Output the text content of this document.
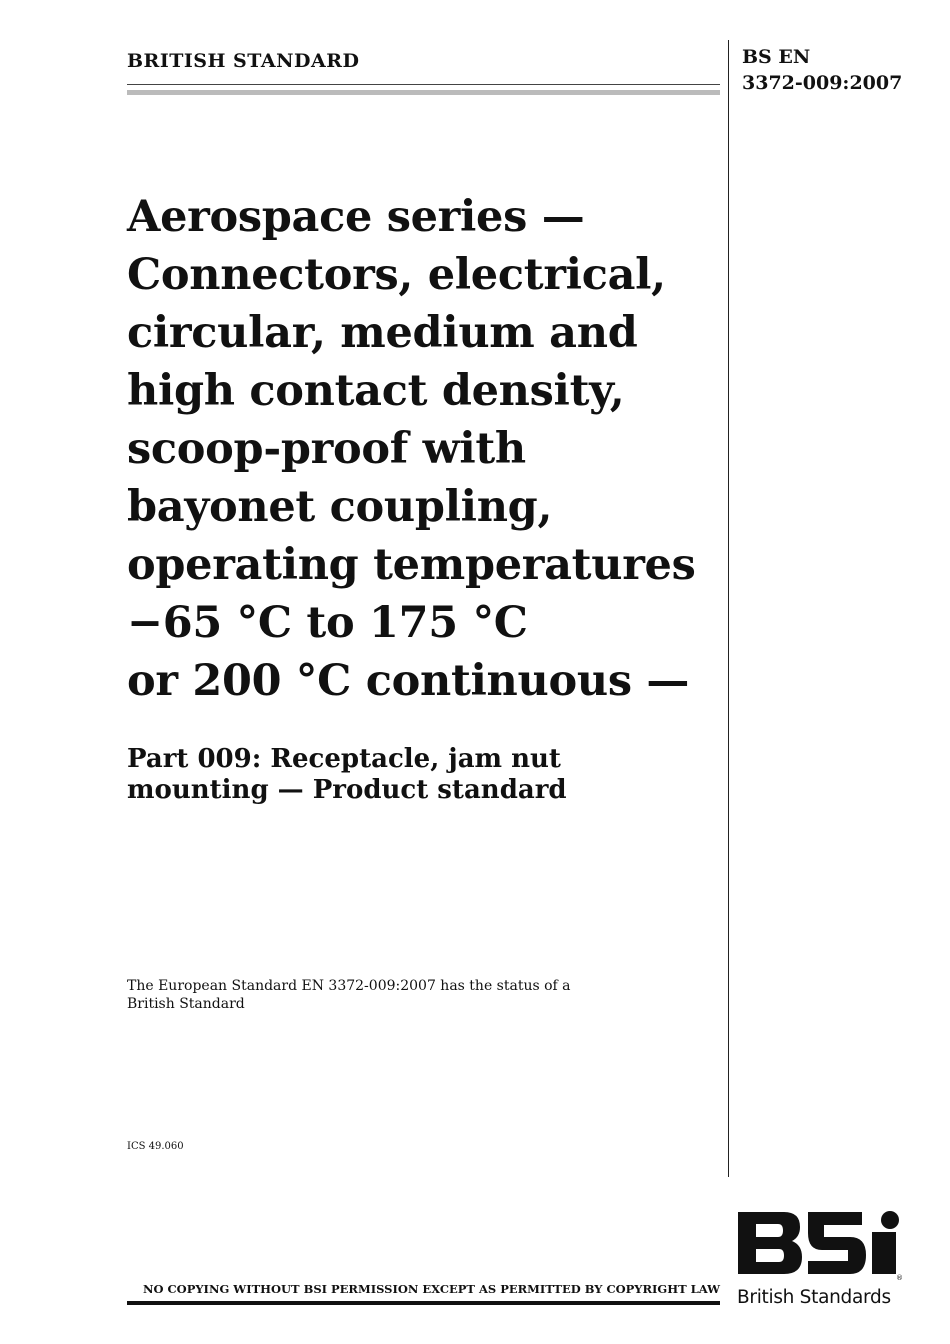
BRITISH STANDARD	BS EN
3372-009:2007
Aerospace series —
Connectors, electrical,
circular, medium and
high contact density,
scoop-proof with
bayonet coupling,
operating temperatures
−65 °C to 175 °C
or 200 °C continuous —
Part 009: Receptacle, jam nut
mounting — Product standard
The European Standard EN 3372-009:2007 has the status of a
British Standard
ICS 49.060
NO COPYING WITHOUT BSI PERMISSION EXCEPT AS PERMITTED BY COPYRIGHT LAW
®
British Standards
